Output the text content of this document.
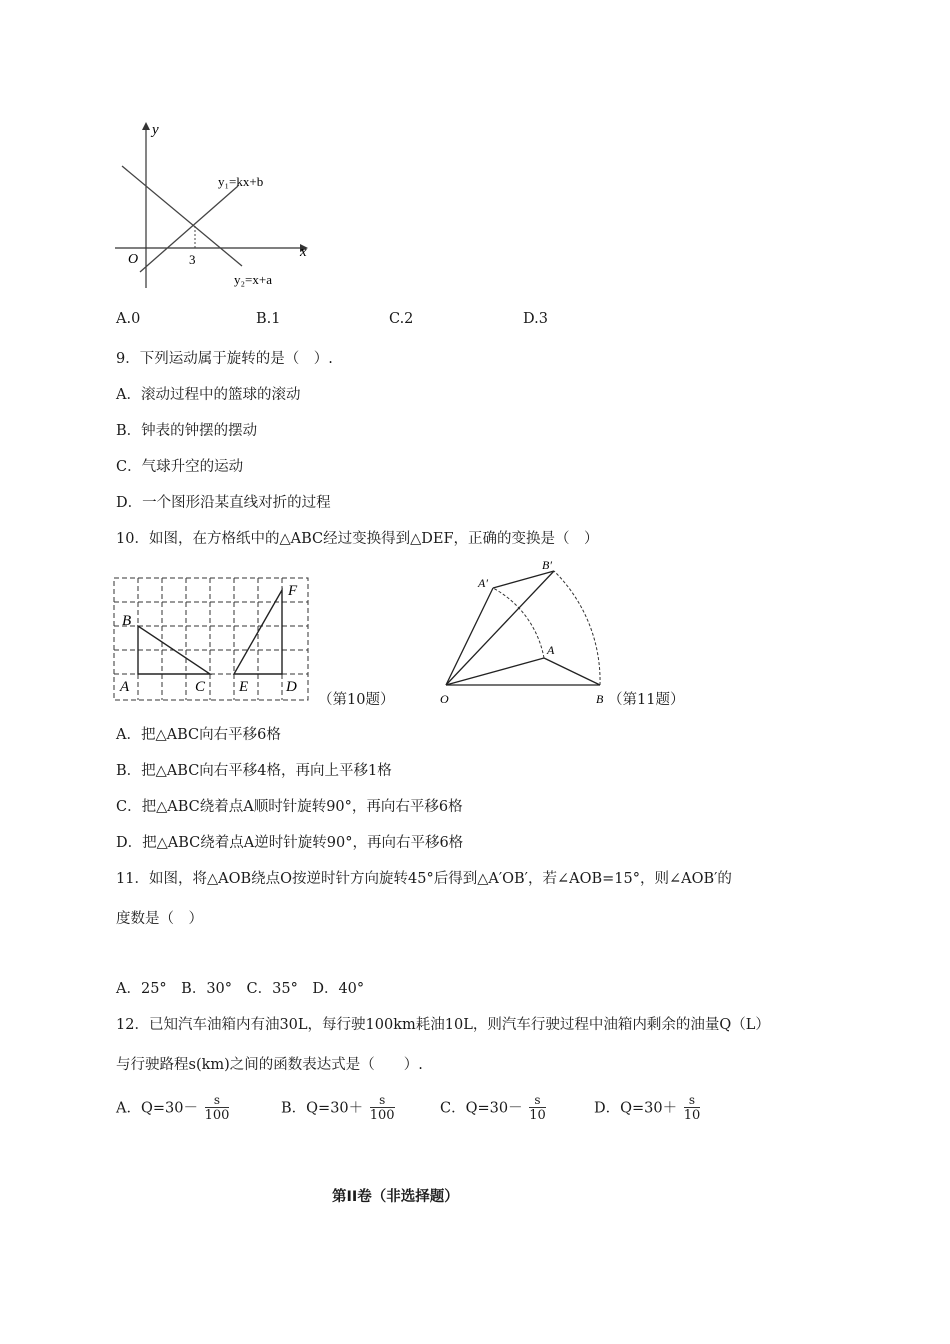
y
x
O	3
y₁=kx+b
y₂=x+a
A.0	B.1	C.2	D.3
9．下列运动属于旋转的是（　）.
A．滚动过程中的篮球的滚动
B．钟表的钟摆的摆动
C．气球升空的运动
D．一个图形沿某直线对折的过程
10．如图，在方格纸中的△ABC经过变换得到△DEF，正确的变换是（　）
B
A	C E	D
F
（第10题）	O	B
A
A′
B′
（第11题）
A．把△ABC向右平移6格
B．把△ABC向右平移4格，再向上平移1格
C．把△ABC绕着点A顺时针旋转90°，再向右平移6格
D．把△ABC绕着点A逆时针旋转90°，再向右平移6格
11．如图，将△AOB绕点O按逆时针方向旋转45°后得到△A′OB′，若∠AOB=15°，则∠AOB′的
度数是（　）
A．25°　B．30°　C．35°　D．40°
12．已知汽车油箱内有油30L，每行驶100km耗油10L，则汽车行驶过程中油箱内剩余的油量Q（L）
与行驶路程s(km)之间的函数表达式是（　　）.
A．$Q=30- \frac{s}{100}$	B．$Q=30+ \frac{s}{100}$	C．$Q=30- \frac{s}{10}$	D．$Q=30+ \frac{s}{10}$
第II卷（非选择题）
